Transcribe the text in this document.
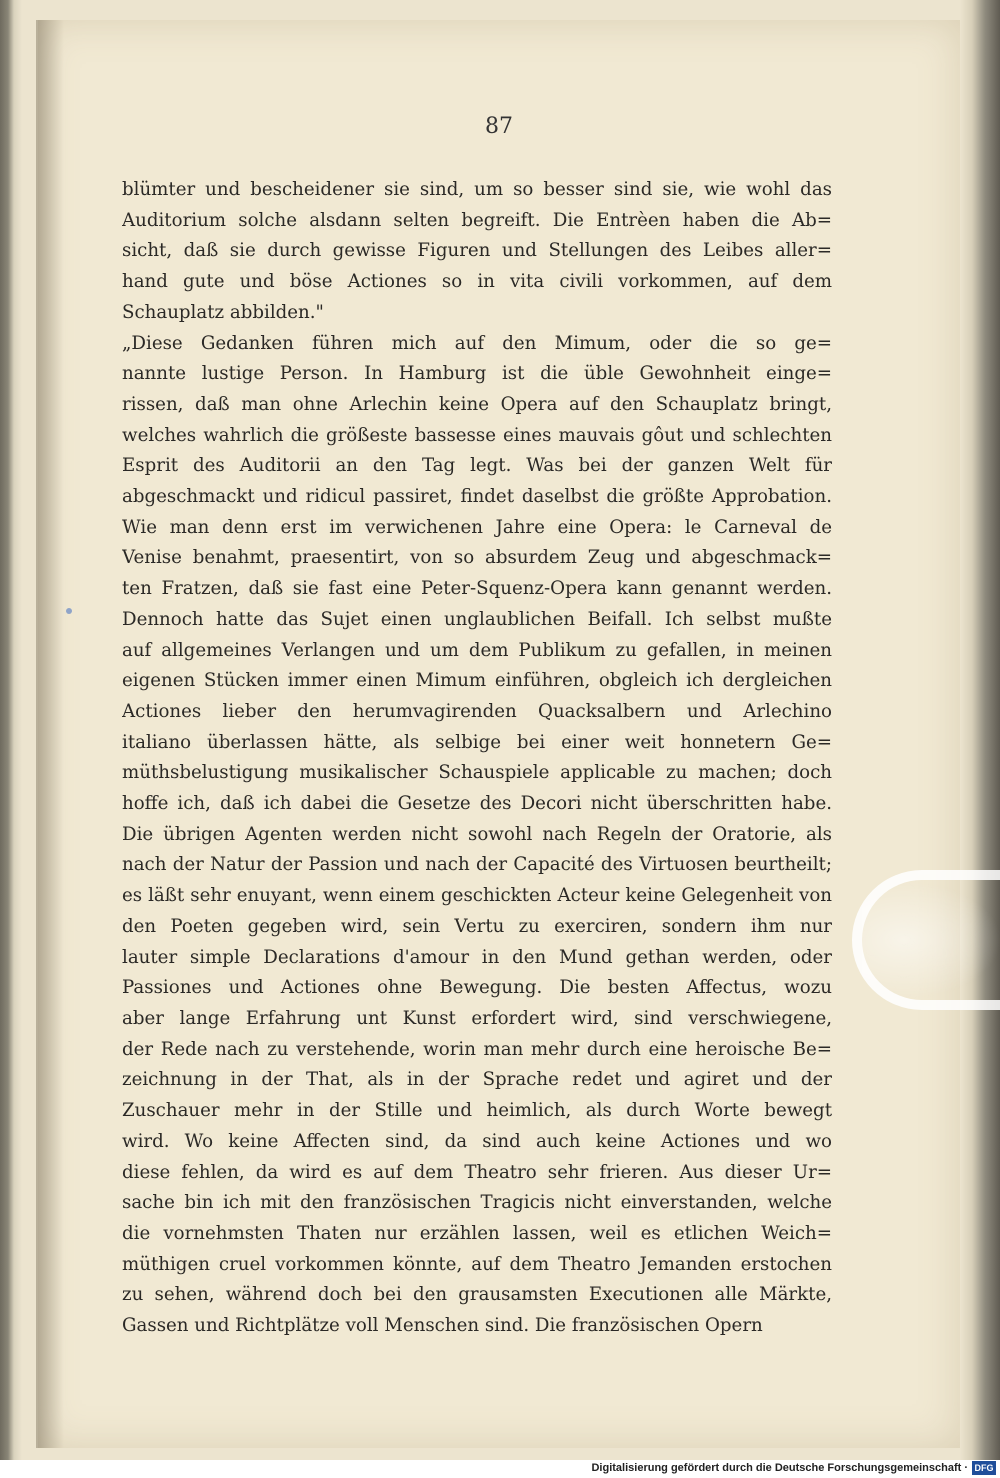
87
blümter und bescheidener sie sind, um so besser sind sie, wie wohl das
Auditorium solche alsdann selten begreift. Die Entrèen haben die Ab=
sicht, daß sie durch gewisse Figuren und Stellungen des Leibes aller=
hand gute und böse Actiones so in vita civili vorkommen, auf dem
Schauplatz abbilden."
„Diese Gedanken führen mich auf den Mimum, oder die so ge=
nannte lustige Person. In Hamburg ist die üble Gewohnheit einge=
rissen, daß man ohne Arlechin keine Opera auf den Schauplatz bringt,
welches wahrlich die größeste bassesse eines mauvais gôut und schlechten
Esprit des Auditorii an den Tag legt. Was bei der ganzen Welt für
abgeschmackt und ridicul passiret, findet daselbst die größte Approbation.
Wie man denn erst im verwichenen Jahre eine Opera: le Carneval de
Venise benahmt, praesentirt, von so absurdem Zeug und abgeschmack=
ten Fratzen, daß sie fast eine Peter-Squenz-Opera kann genannt werden.
Dennoch hatte das Sujet einen unglaublichen Beifall. Ich selbst mußte
auf allgemeines Verlangen und um dem Publikum zu gefallen, in meinen
eigenen Stücken immer einen Mimum einführen, obgleich ich dergleichen
Actiones lieber den herumvagirenden Quacksalbern und Arlechino
italiano überlassen hätte, als selbige bei einer weit honnetern Ge=
müthsbelustigung musikalischer Schauspiele applicable zu machen; doch
hoffe ich, daß ich dabei die Gesetze des Decori nicht überschritten habe.
Die übrigen Agenten werden nicht sowohl nach Regeln der Oratorie, als
nach der Natur der Passion und nach der Capacité des Virtuosen beurtheilt;
es läßt sehr enuyant, wenn einem geschickten Acteur keine Gelegenheit von
den Poeten gegeben wird, sein Vertu zu exerciren, sondern ihm nur
lauter simple Declarations d'amour in den Mund gethan werden, oder
Passiones und Actiones ohne Bewegung. Die besten Affectus, wozu
aber lange Erfahrung unt Kunst erfordert wird, sind verschwiegene,
der Rede nach zu verstehende, worin man mehr durch eine heroische Be=
zeichnung in der That, als in der Sprache redet und agiret und der
Zuschauer mehr in der Stille und heimlich, als durch Worte bewegt
wird. Wo keine Affecten sind, da sind auch keine Actiones und wo
diese fehlen, da wird es auf dem Theatro sehr frieren. Aus dieser Ur=
sache bin ich mit den französischen Tragicis nicht einverstanden, welche
die vornehmsten Thaten nur erzählen lassen, weil es etlichen Weich=
müthigen cruel vorkommen könnte, auf dem Theatro Jemanden erstochen
zu sehen, während doch bei den grausamsten Executionen alle Märkte,
Gassen und Richtplätze voll Menschen sind. Die französischen Opern
Digitalisierung gefördert durch die Deutsche Forschungsgemeinschaft · DFG
